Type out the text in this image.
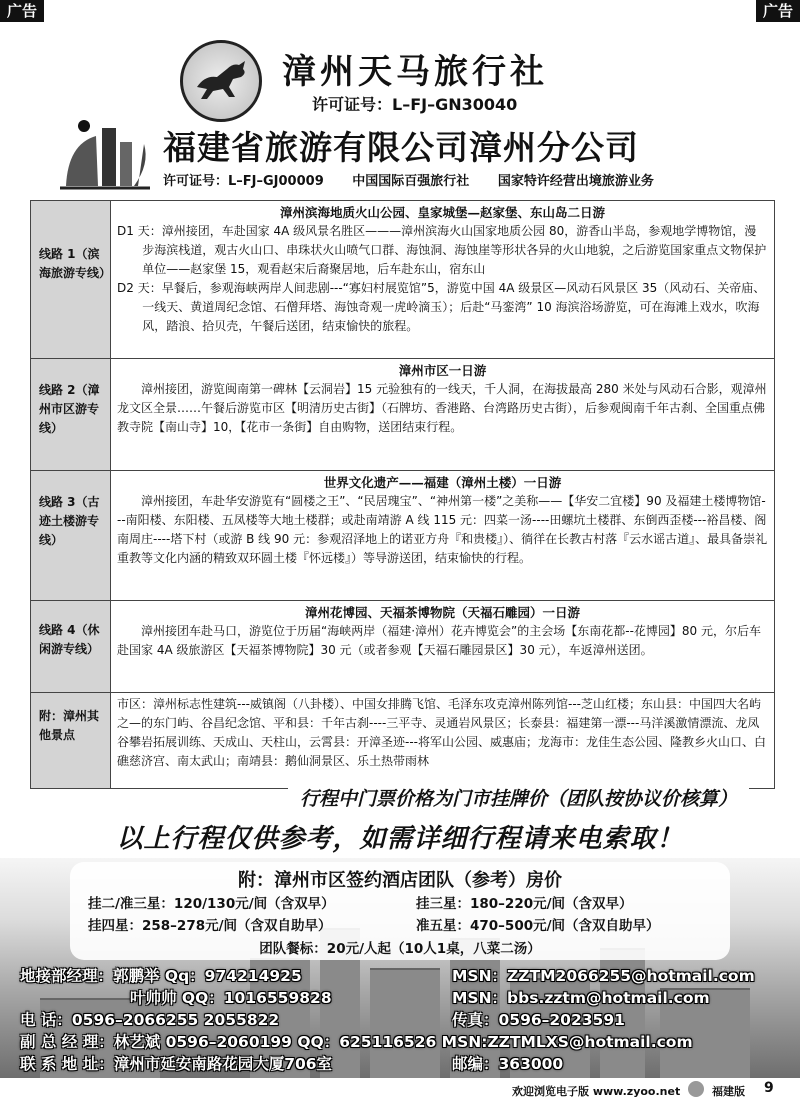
广告	广告
漳州天马旅行社
许可证号：L–FJ–GN30040
福建省旅游有限公司漳州分公司
许可证号：L–FJ–GJ00009 中国国际百强旅行社 国家特许经营出境旅游业务
线路 1（滨海旅游专线）	漳州滨海地质火山公园、皇家城堡—赵家堡、东山岛二日游
D1 天：漳州接团，车赴国家 4A 级风景名胜区———漳州滨海火山国家地质公园 80，游香山半岛，参观地学博物馆，漫步海滨栈道，观古火山口、串珠状火山喷气口群、海蚀洞、海蚀崖等形状各异的火山地貌，之后游览国家重点文物保护单位——赵家堡 15，观看赵宋后裔聚居地，后车赴东山，宿东山
D2 天：早餐后，参观海峡两岸人间悲剧---“寡妇村展览馆”5，游览中国 4A 级景区—风动石风景区 35（风动石、关帝庙、一线天、黄道周纪念馆、石僧拜塔、海蚀奇观一虎岭滴玉）；后赴“马銮湾” 10 海滨浴场游览，可在海滩上戏水，吹海风，踏浪、拾贝壳，午餐后送团，结束愉快的旅程。

线路 2（漳州市区游专线）	漳州市区一日游
漳州接团，游览闽南第一碑林【云洞岩】15 元验独有的一线天，千人洞，在海拔最高 280 米处与风动石合影，观漳州龙文区全景……午餐后游览市区【明清历史古街】（石牌坊、香港路、台湾路历史古街），后参观闽南千年古刹、全国重点佛教寺院【南山寺】10，【花市一条街】自由购物，送团结束行程。

线路 3（古迹土楼游专线）	世界文化遗产——福建（漳州土楼）一日游
漳州接团，车赴华安游览有“圆楼之王”、“民居瑰宝”、“神州第一楼”之美称——【华安二宜楼】90 及福建土楼博物馆---南阳楼、东阳楼、五凤楼等大地土楼群；或赴南靖游 A 线 115 元：四菜一汤----田螺坑土楼群、东倒西歪楼---裕昌楼、阁南周庄----塔下村（或游 B 线 90 元：参观沼泽地上的诺亚方舟『和贵楼』）、徜徉在长教古村落『云水谣古道』、最具备崇礼重教等文化内涵的精致双环圆土楼『怀远楼』）等导游送团，结束愉快的行程。

线路 4（休闲游专线）	漳州花博园、天福茶博物院（天福石雕园）一日游
漳州接团车赴马口，游览位于历届“海峡两岸（福建·漳州）花卉博览会”的主会场【东南花都--花博园】80 元，尔后车赴国家 4A 级旅游区【天福茶博物院】30 元（或者参观【天福石雕园景区】30 元），车返漳州送团。

附：漳州其他景点	市区：漳州标志性建筑---威镇阁（八卦楼）、中国女排腾飞馆、毛泽东攻克漳州陈列馆---芝山红楼；东山县：中国四大名屿之—的东门屿、谷昌纪念馆、平和县：千年古刹----三平寺、灵通岩风景区；长泰县：福建第一漂---马洋溪激情漂流、龙凤谷攀岩拓展训练、天成山、天柱山，云霄县：开漳圣迹---将军山公园、威惠庙；龙海市：龙佳生态公园、隆教乡火山口、白礁慈济宫、南太武山；南靖县：鹅仙洞景区、乐土热带雨林
行程中门票价格为门市挂牌价（团队按协议价核算）
以上行程仅供参考，如需详细行程请来电索取！
附：漳州市区签约酒店团队（参考）房价
挂二/准三星：120/130元/间（含双早）	挂三星：180–220元/间（含双早）
挂四星：258–278元/间（含双自助早）	准五星：470–500元/间（含双自助早）
团队餐标：20元/人起（10人1桌，八菜二汤）
地接部经理：郭鹏举 Qq：974214925	MSN：ZZTM2066255@hotmail.com
叶帅帅 QQ：1016559828	MSN：bbs.zztm@hotmail.com
电 话：0596–2066255 2055822	传真：0596–2023591
副 总 经 理：林艺斌 0596–2060199 QQ：625116526 MSN:ZZTMLXS@hotmail.com
联 系 地 址：漳州市延安南路花园大厦706室	邮编：363000
欢迎浏览电子版 www.zyoo.net	福建版 9
